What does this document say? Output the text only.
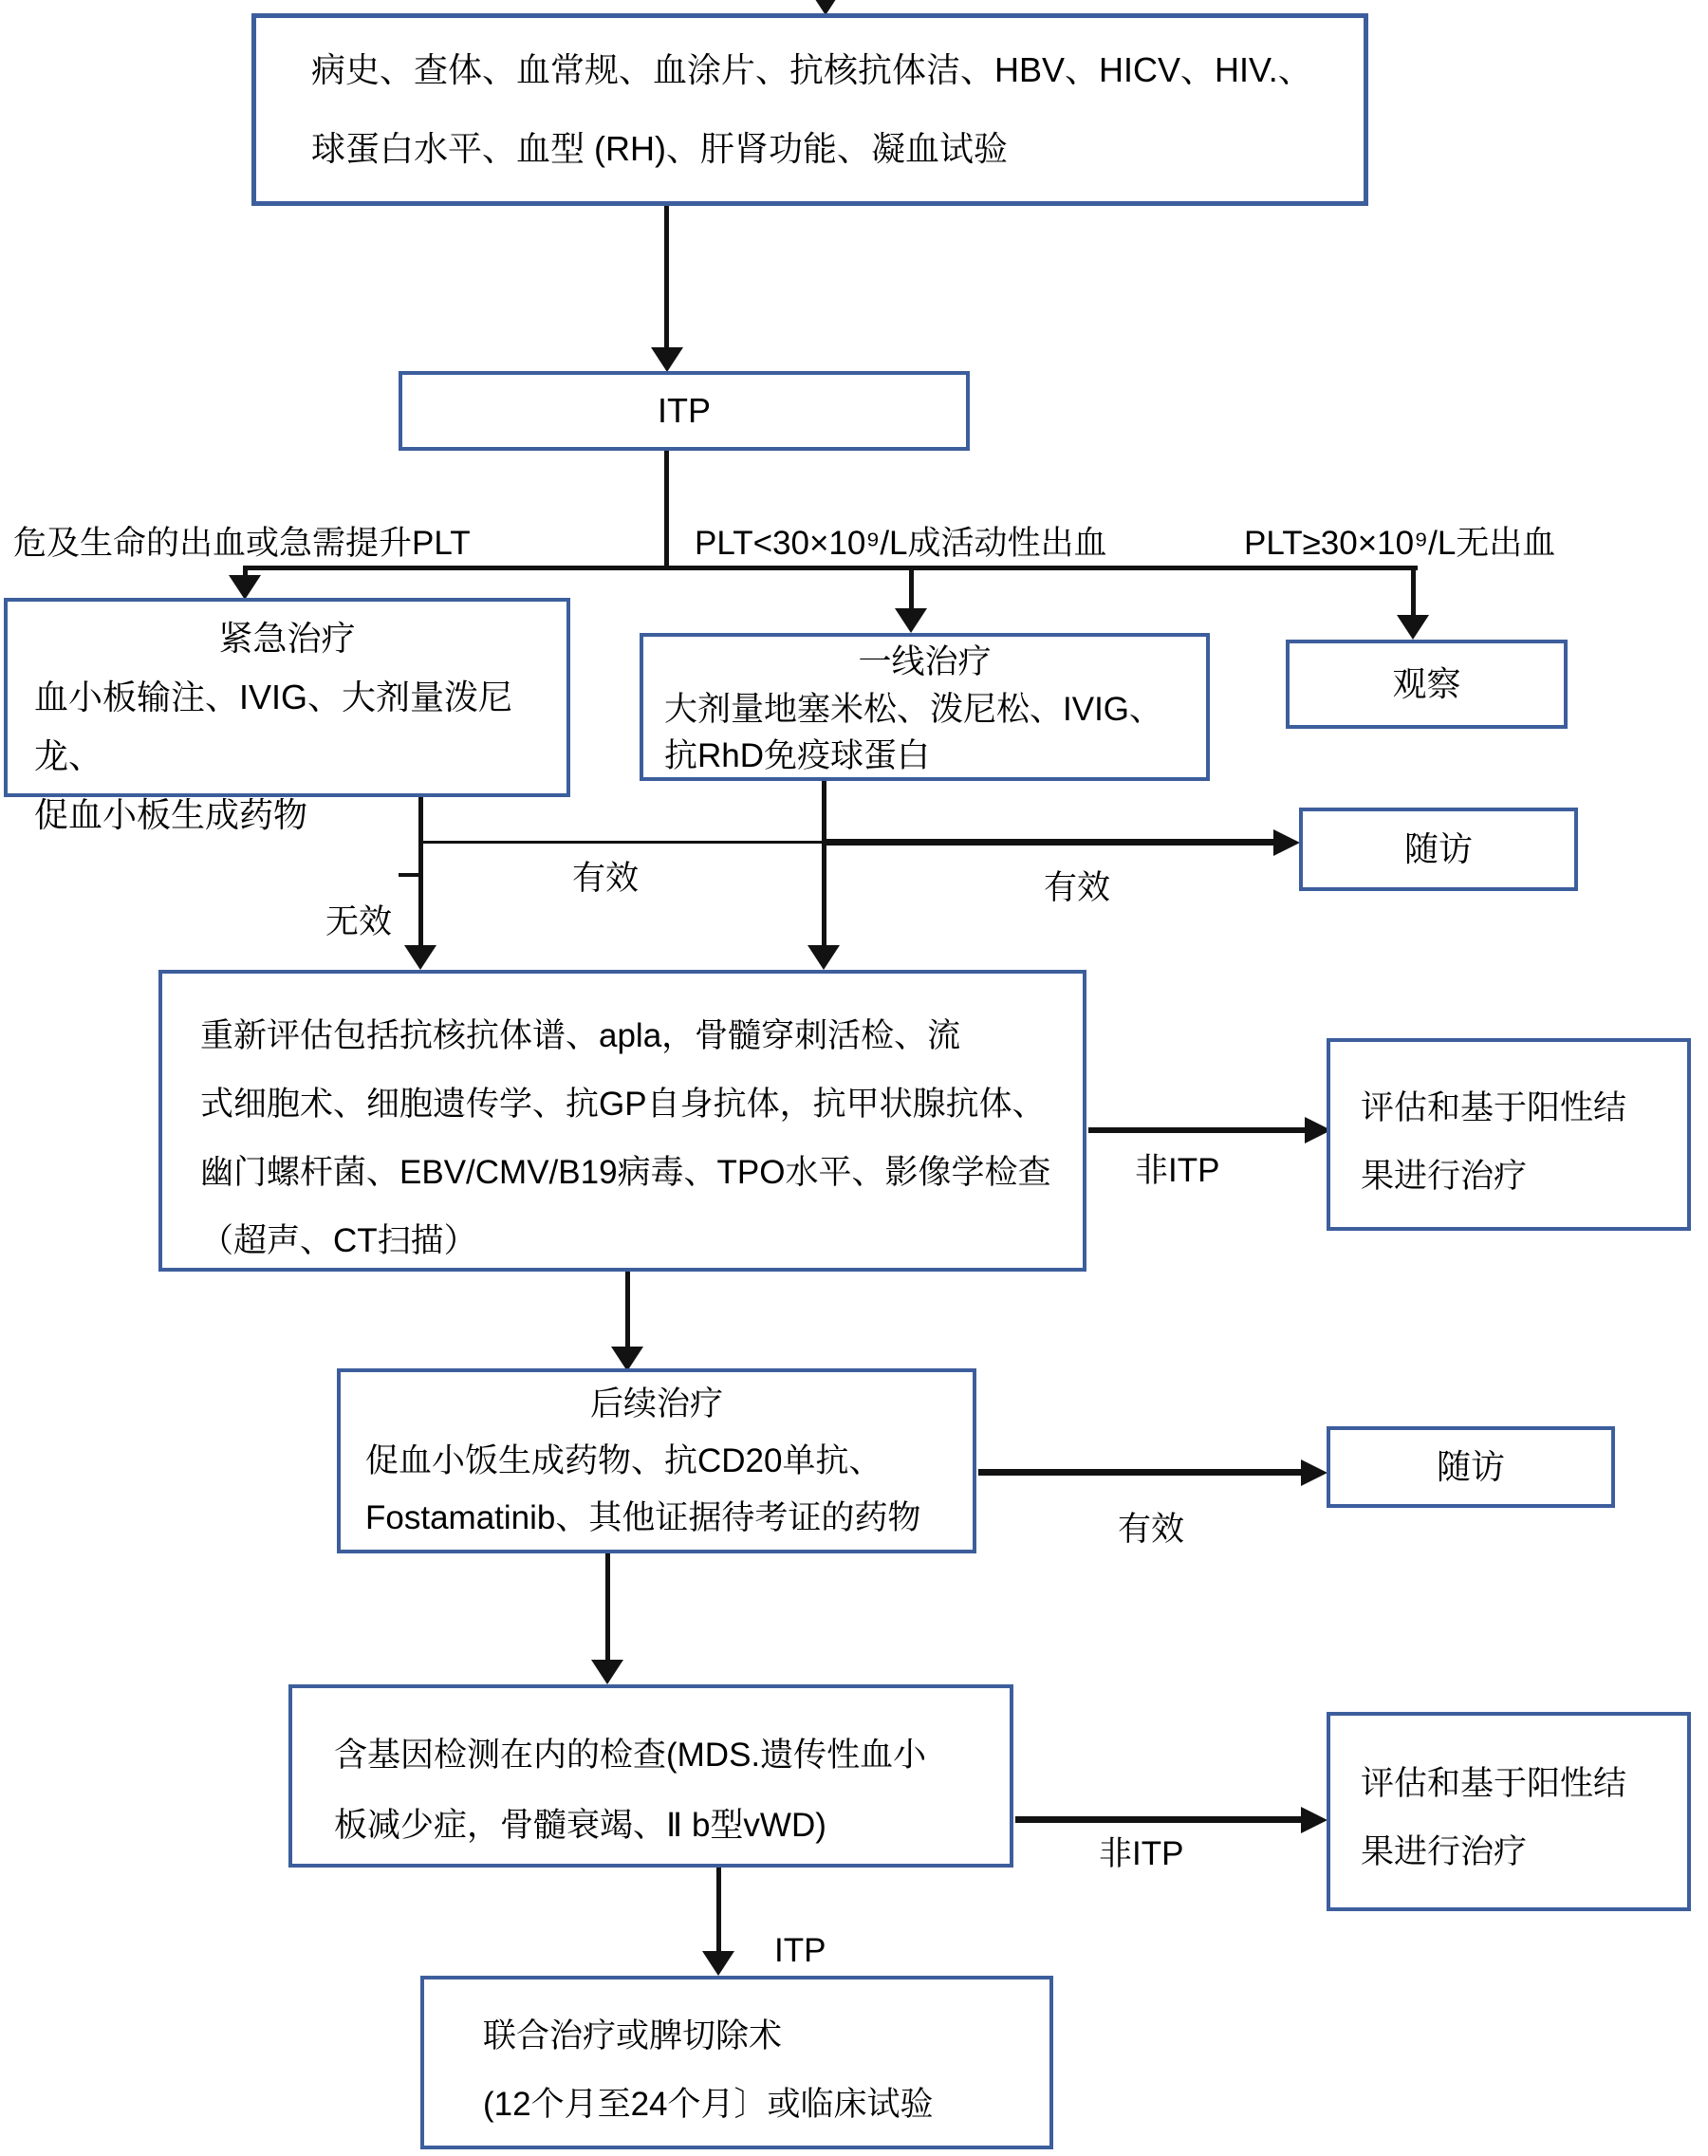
病史、查体、血常规、血涂片、抗核抗体洁、HBV、HICV、HIV.、
球蛋白水平、血型 (RH)、肝肾功能、凝血试验
ITP
危及生命的出血或急需提升PLT	PLT<30×10⁹/L成活动性出血	PLT≥30×10⁹/L无出血
紧急治疗
血小板输注、IVIG、大剂量泼尼龙、
促血小板生成药物
一线治疗
大剂量地塞米松、泼尼松、IVIG、
抗RhD免疫球蛋白
观察
无效
有效	有效
随访
重新评估包括抗核抗体谱、apla，骨髓穿刺活检、流
式细胞术、细胞遗传学、抗GP自身抗体，抗甲状腺抗体、
幽门螺杆菌、EBV/CMV/B19病毒、TPO水平、影像学检查
（超声、CT扫描）
非ITP
评估和基于阳性结
果进行治疗
后续治疗
促血小饭生成药物、抗CD20单抗、
Fostamatinib、其他证据待考证的药物	有效
随访
含基因检测在内的检查(MDS.遗传性血小
板减少症，骨髓衰竭、Ⅱ b型vWD)
非ITP
评估和基于阳性结
果进行治疗
ITP
联合治疗或脾切除术
(12个月至24个月〕或临床试验
